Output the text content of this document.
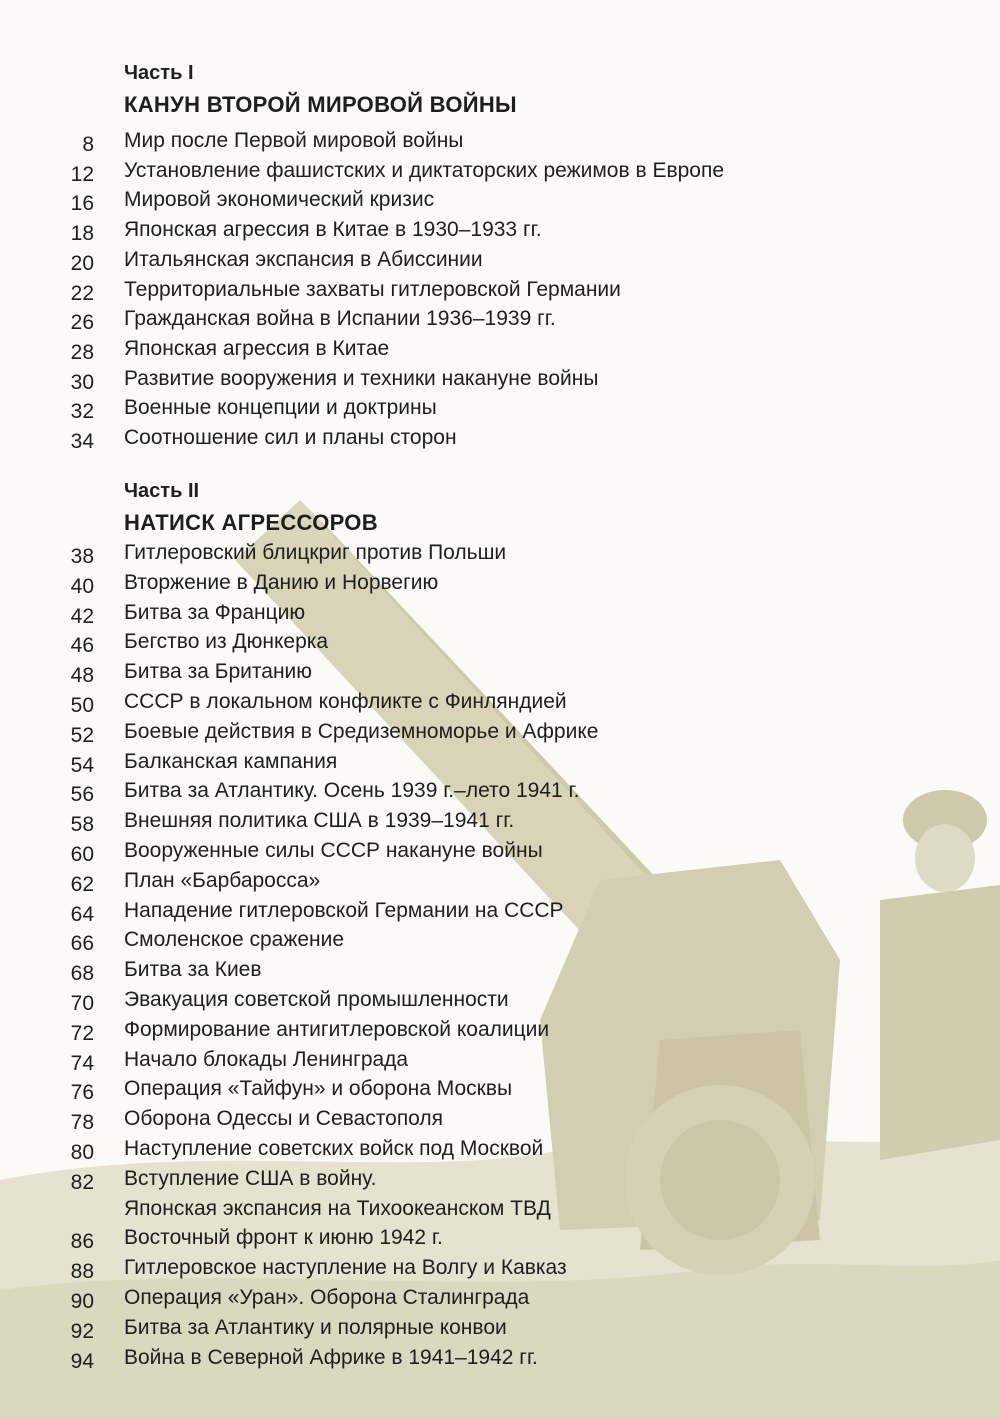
Часть I
КАНУН ВТОРОЙ МИРОВОЙ ВОЙНЫ
8 Мир после Первой мировой войны
12 Установление фашистских и диктаторских режимов в Европе
16 Мировой экономический кризис
18 Японская агрессия в Китае в 1930–1933 гг.
20 Итальянская экспансия в Абиссинии
22 Территориальные захваты гитлеровской Германии
26 Гражданская война в Испании 1936–1939 гг.
28 Японская агрессия в Китае
30 Развитие вооружения и техники накануне войны
32 Военные концепции и доктрины
34 Соотношение сил и планы сторон
Часть II
НАТИСК АГРЕССОРОВ
38 Гитлеровский блицкриг против Польши
40 Вторжение в Данию и Норвегию
42 Битва за Францию
46 Бегство из Дюнкерка
48 Битва за Британию
50 СССР в локальном конфликте с Финляндией
52 Боевые действия в Средиземноморье и Африке
54 Балканская кампания
56 Битва за Атлантику. Осень 1939 г.–лето 1941 г.
58 Внешняя политика США в 1939–1941 гг.
60 Вооруженные силы СССР накануне войны
62 План «Барбаросса»
64 Нападение гитлеровской Германии на СССР
66 Смоленское сражение
68 Битва за Киев
70 Эвакуация советской промышленности
72 Формирование антигитлеровской коалиции
74 Начало блокады Ленинграда
76 Операция «Тайфун» и оборона Москвы
78 Оборона Одессы и Севастополя
80 Наступление советских войск под Москвой
82 Вступление США в войну.
Японская экспансия на Тихоокеанском ТВД
86 Восточный фронт к июню 1942 г.
88 Гитлеровское наступление на Волгу и Кавказ
90 Операция «Уран». Оборона Сталинграда
92 Битва за Атлантику и полярные конвои
94 Война в Северной Африке в 1941–1942 гг.
